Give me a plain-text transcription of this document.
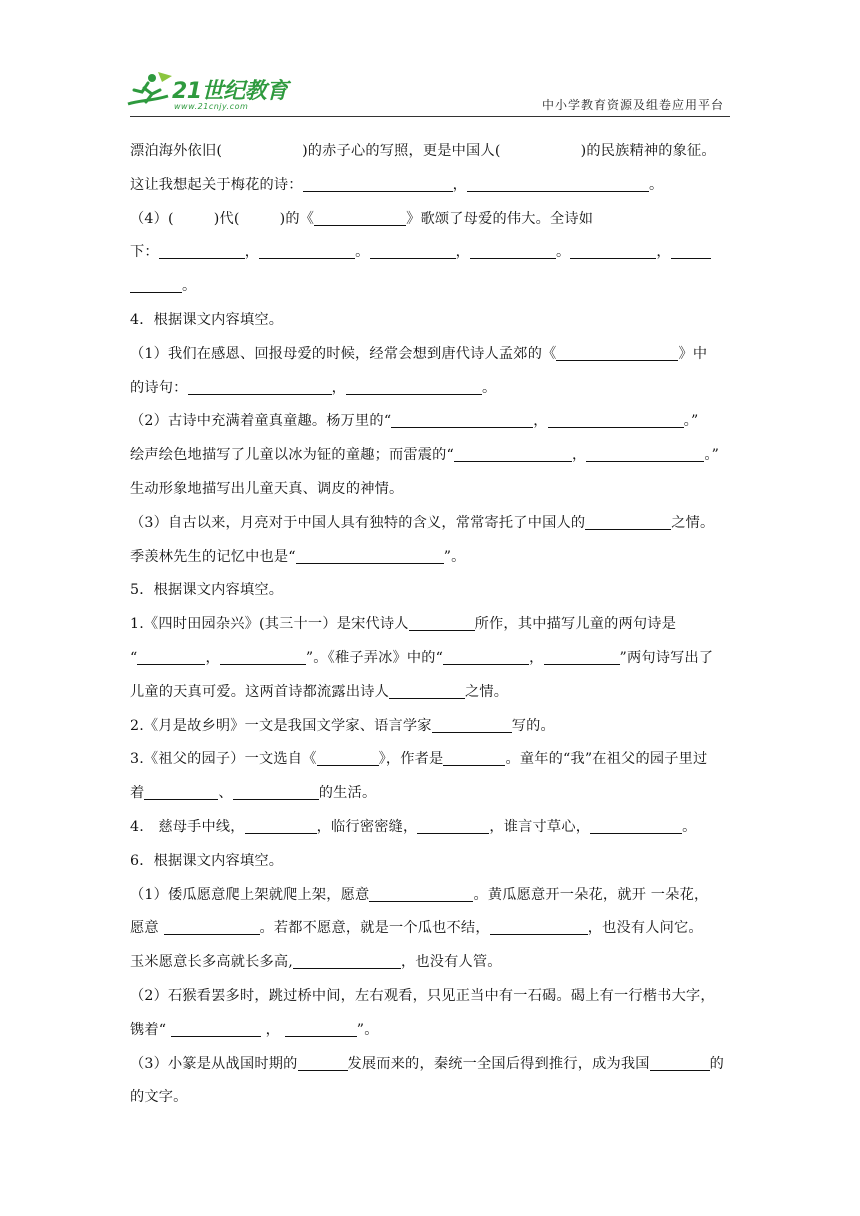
21世纪教育
www.21cnjy.com	中小学教育资源及组卷应用平台
漂泊海外依旧(	)的赤子心的写照，更是中国人(	)的民族精神的象征。
这让我想起关于梅花的诗：	，	。
（4）(	)代(	)的《	》歌颂了母爱的伟大。全诗如
下：	，	。	，	。	，
。
4．根据课文内容填空。
（1）我们在感恩、回报母爱的时候，经常会想到唐代诗人孟郊的《	》中
的诗句：	，	。
（2）古诗中充满着童真童趣。杨万里的“	，	。”
绘声绘色地描写了儿童以冰为钲的童趣；而雷震的“	，	。”
生动形象地描写出儿童天真、调皮的神情。
（3）自古以来，月亮对于中国人具有独特的含义，常常寄托了中国人的	之情。
季羡林先生的记忆中也是“	”。
5．根据课文内容填空。
1.《四时田园杂兴》(其三十一）是宋代诗人	所作，其中描写儿童的两句诗是
“	，	”。《稚子弄冰》中的“	，	”两句诗写出了
儿童的天真可爱。这两首诗都流露出诗人	之情。
2.《月是故乡明》一文是我国文学家、语言学家	写的。
3.《祖父的园子）一文选自《	》，作者是	。童年的“我”在祖父的园子里过
着	、	的生活。
4.　慈母手中线，	，临行密密缝，	，谁言寸草心，	。
6．根据课文内容填空。
（1）倭瓜愿意爬上架就爬上架，愿意	。黄瓜愿意开一朵花，就开 一朵花，
愿意	。若都不愿意，就是一个瓜也不结，	，也没有人问它。
玉米愿意长多高就长多高,	，也没有人管。
（2）石猴看罢多时，跳过桥中间，左右观看，只见正当中有一石碣。碣上有一行楷书大字，
镌着“	，	”。
（3）小篆是从战国时期的	发展而来的，秦统一全国后得到推行，成为我国	的
的文字。
